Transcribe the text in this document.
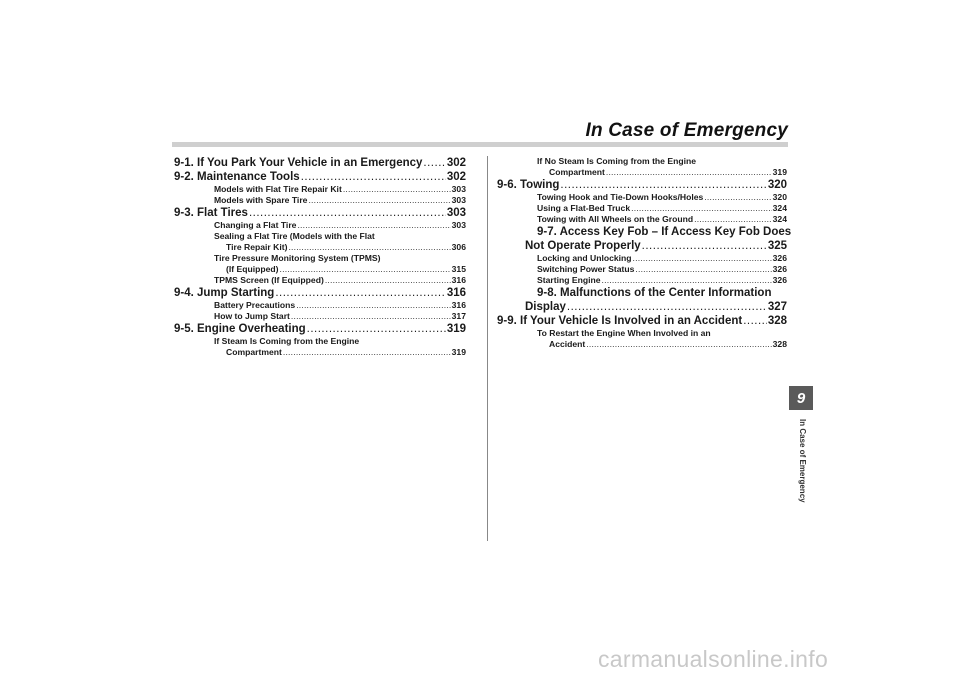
In Case of Emergency
9-1. If You Park Your Vehicle in an Emergency ..... 302
9-2. Maintenance Tools .....	302
Models with Flat Tire Repair Kit .....	303
Models with Spare Tire .....	303
9-3. Flat Tires .....	303
Changing a Flat Tire .....	303
Sealing a Flat Tire (Models with the Flat
Tire Repair Kit) .....	306
Tire Pressure Monitoring System (TPMS)
(If Equipped) .....	315
TPMS Screen (If Equipped) .....	316
9-4. Jump Starting .....	316
Battery Precautions .....	316
How to Jump Start .....	317
9-5. Engine Overheating .....	319
If Steam Is Coming from the Engine
Compartment .....	319
If No Steam Is Coming from the Engine
Compartment .....	319
9-6. Towing .....	320
Towing Hook and Tie-Down Hooks/Holes .....	320
Using a Flat-Bed Truck .....	324
Towing with All Wheels on the Ground .....	324
9-7. Access Key Fob – If Access Key Fob Does
Not Operate Properly .....	325
Locking and Unlocking .....	326
Switching Power Status .....	326
Starting Engine .....	326
9-8. Malfunctions of the Center Information
Display .....	327
9-9. If Your Vehicle Is Involved in an Accident ..... 328
To Restart the Engine When Involved in an
Accident .....	328
9
In Case of Emergency
carmanualsonline.info
